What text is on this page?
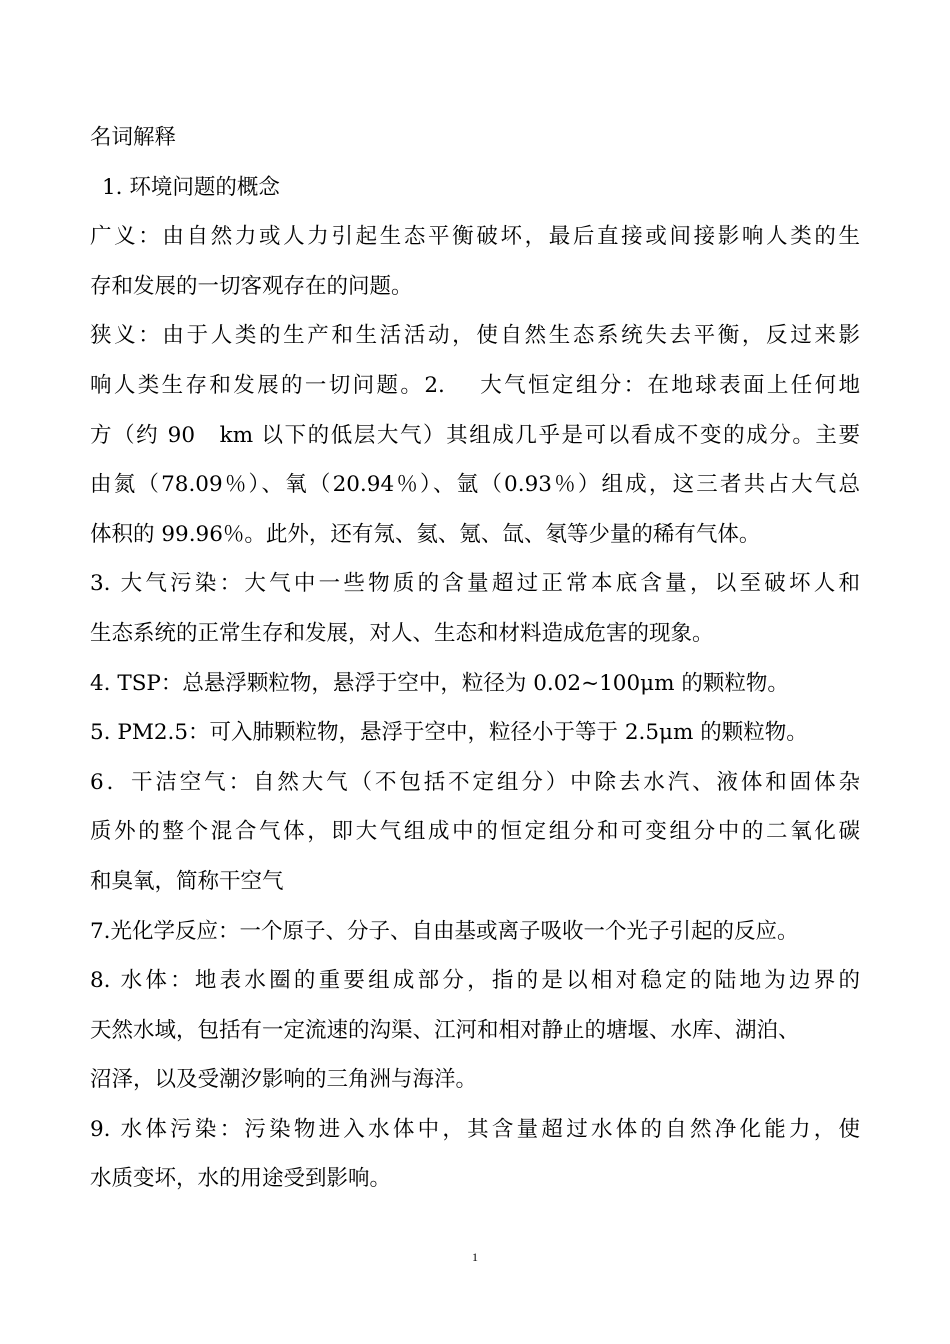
名词解释
1. 环境问题的概念
广义：由自然力或人力引起生态平衡破坏，最后直接或间接影响人类的生
存和发展的一切客观存在的问题。
狭义：由于人类的生产和生活活动，使自然生态系统失去平衡，反过来影
响人类生存和发展的一切问题。2.　 大气恒定组分：在地球表面上任何地
方（约 90　km 以下的低层大气）其组成几乎是可以看成不变的成分。主要
由氮（78.09％）、氧（20.94％）、氩（0.93％）组成，这三者共占大气总
体积的 99.96％。此外，还有氖、氦、氪、氙、氡等少量的稀有气体。
3. 大气污染：大气中一些物质的含量超过正常本底含量，以至破坏人和
生态系统的正常生存和发展，对人、生态和材料造成危害的现象。
4. TSP：总悬浮颗粒物，悬浮于空中，粒径为 0.02~100μm 的颗粒物。
5. PM2.5：可入肺颗粒物，悬浮于空中，粒径小于等于 2.5μm 的颗粒物。
6．干洁空气：自然大气（不包括不定组分）中除去水汽、液体和固体杂
质外的整个混合气体，即大气组成中的恒定组分和可变组分中的二氧化碳
和臭氧，简称干空气
7.光化学反应：一个原子、分子、自由基或离子吸收一个光子引起的反应。
8. 水体：地表水圈的重要组成部分，指的是以相对稳定的陆地为边界的
天然水域，包括有一定流速的沟渠、江河和相对静止的塘堰、水库、湖泊、
沼泽，以及受潮汐影响的三角洲与海洋。
9. 水体污染：污染物进入水体中，其含量超过水体的自然净化能力，使
水质变坏，水的用途受到影响。
1
